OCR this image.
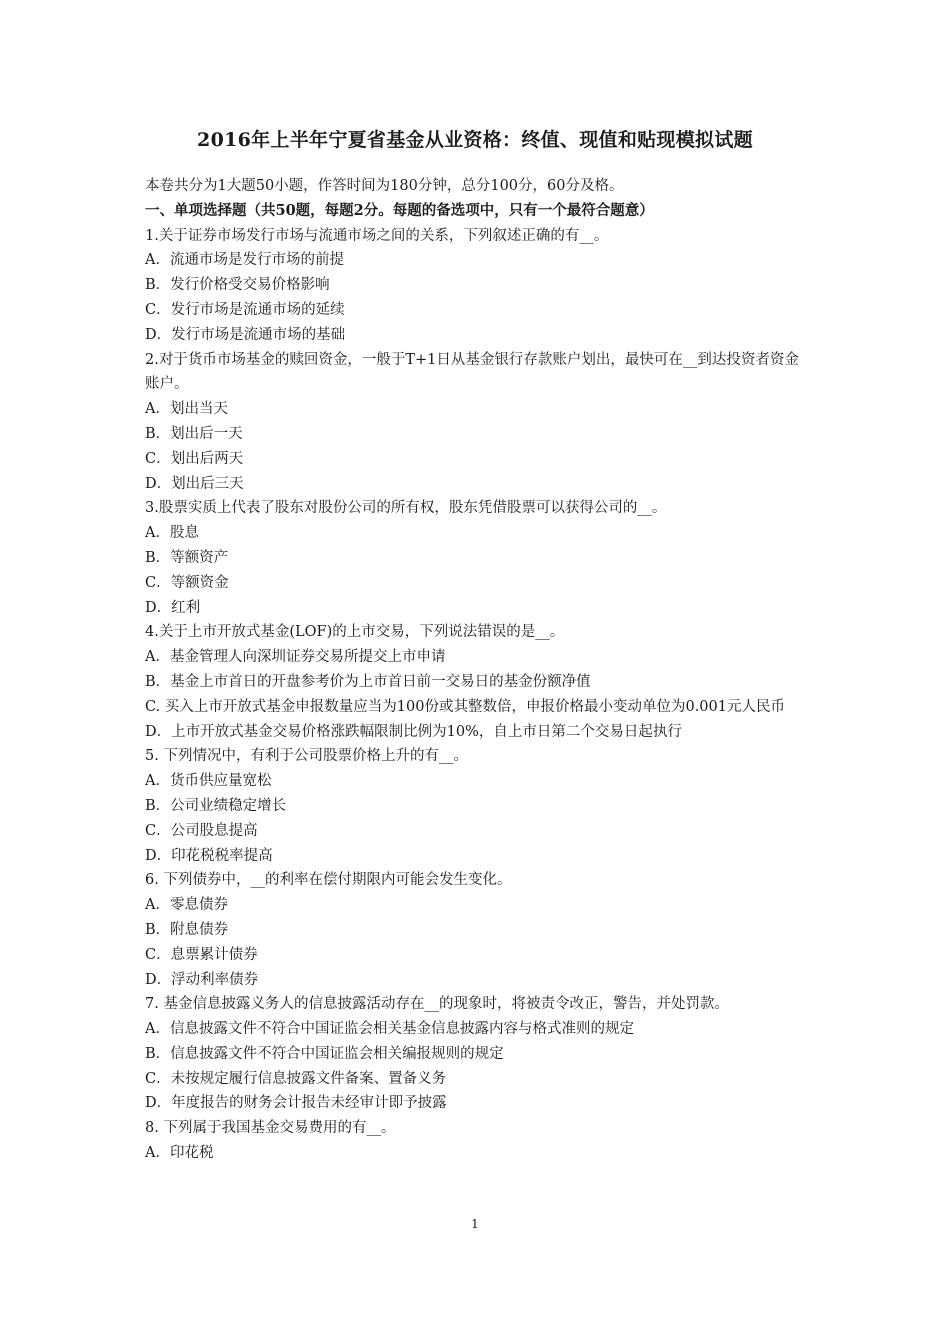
2016年上半年宁夏省基金从业资格：终值、现值和贴现模拟试题
本卷共分为1大题50小题，作答时间为180分钟，总分100分，60分及格。
一、单项选择题（共50题，每题2分。每题的备选项中，只有一个最符合题意）
1.关于证券市场发行市场与流通市场之间的关系，下列叙述正确的有__。
A．流通市场是发行市场的前提
B．发行价格受交易价格影响
C．发行市场是流通市场的延续
D．发行市场是流通市场的基础
2.对于货币市场基金的赎回资金，一般于T+1日从基金银行存款账户划出，最快可在__到达投资者资金账户。
A．划出当天
B．划出后一天
C．划出后两天
D．划出后三天
3.股票实质上代表了股东对股份公司的所有权，股东凭借股票可以获得公司的__。
A．股息
B．等额资产
C．等额资金
D．红利
4.关于上市开放式基金(LOF)的上市交易，下列说法错误的是__。
A．基金管理人向深圳证券交易所提交上市申请
B．基金上市首日的开盘参考价为上市首日前一交易日的基金份额净值
C. 买入上市开放式基金申报数量应当为100份或其整数倍，申报价格最小变动单位为0.001元人民币
D．上市开放式基金交易价格涨跌幅限制比例为10%，自上市日第二个交易日起执行
5. 下列情况中，有利于公司股票价格上升的有__。
A．货币供应量宽松
B．公司业绩稳定增长
C．公司股息提高
D．印花税税率提高
6. 下列债券中，__的利率在偿付期限内可能会发生变化。
A．零息债券
B．附息债券
C．息票累计债券
D．浮动利率债券
7. 基金信息披露义务人的信息披露活动存在__的现象时，将被责令改正，警告，并处罚款。
A．信息披露文件不符合中国证监会相关基金信息披露内容与格式准则的规定
B．信息披露文件不符合中国证监会相关编报规则的规定
C．未按规定履行信息披露文件备案、置备义务
D．年度报告的财务会计报告未经审计即予披露
8. 下列属于我国基金交易费用的有__。
A．印花税
1
